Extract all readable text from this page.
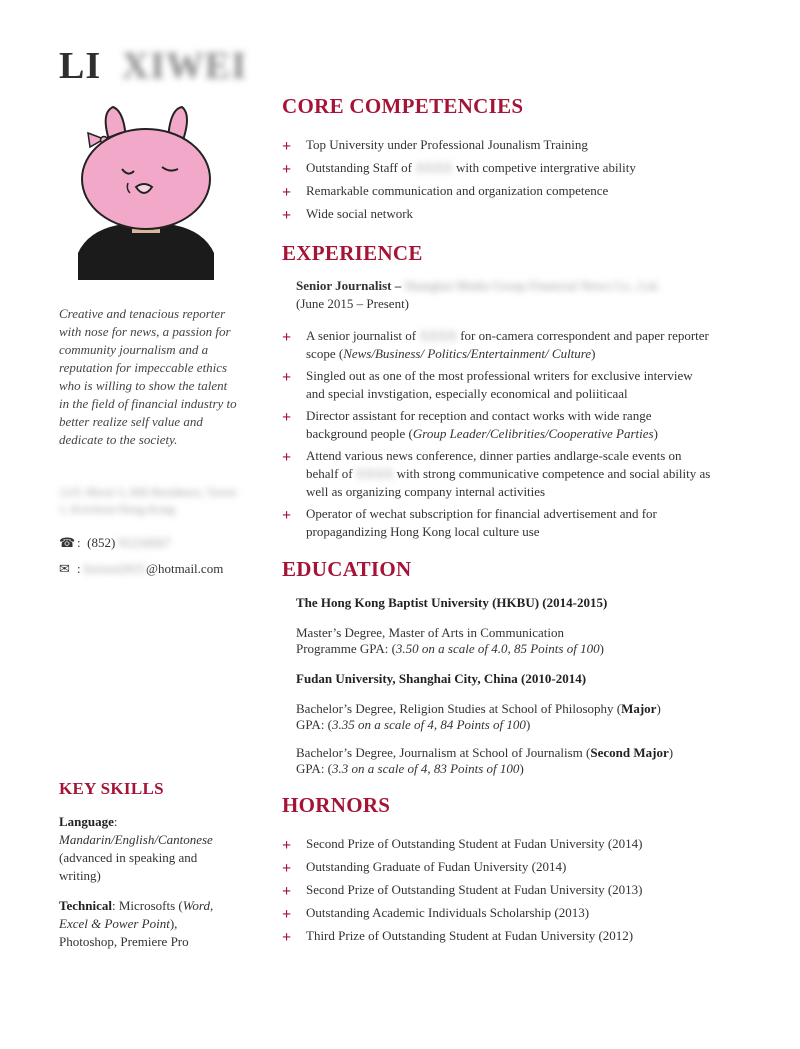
LI XIWEI
Creative and tenacious reporter with nose for news, a passion for community journalism and a reputation for impeccable ethics who is willing to show the talent in the field of financial industry to better realize self value and dedicate to the society.
12/F, Block 5, Hill Residence, Tower 1, Kowloon Hong Kong
☎ :  (852) 91234567
✉ : lixiwei2015@hotmail.com
KEY SKILLS
Language:
Mandarin/English/Cantonese
(advanced in speaking and writing)
Technical: Microsofts (Word, Excel & Power Point), Photoshop, Premiere Pro
CORE COMPETENCIES
+ Top University under Professional Jounalism Training
+ Outstanding Staff of XXXX with competive intergrative ability
+ Remarkable communication and organization competence
+ Wide social network
EXPERIENCE
Senior Journalist – Shanghai Media Group Financial News Co., Ltd.
(June 2015 – Present)
+ A senior journalist of XXXX for on-camera correspondent and paper reporter scope (News/Business/ Politics/Entertainment/ Culture)
+ Singled out as one of the most professional writers for exclusive interview and special invstigation, especially economical and poliiticaal
+ Director assistant for reception and contact works with wide range background people (Group Leader/Celibrities/Cooperative Parties)
+ Attend various news conference, dinner parties andlarge-scale events on behalf of XXXX with strong communicative competence and social ability as well as organizing company internal activities
+ Operator of wechat subscription for financial advertisement and for propagandizing Hong Kong local culture use
EDUCATION
The Hong Kong Baptist University (HKBU) (2014-2015)
Master’s Degree, Master of Arts in Communication
Programme GPA: (3.50 on a scale of 4.0, 85 Points of 100)
Fudan University, Shanghai City, China (2010-2014)
Bachelor’s Degree, Religion Studies at School of Philosophy (Major)
GPA: (3.35 on a scale of 4, 84 Points of 100)
Bachelor’s Degree, Journalism at School of Journalism (Second Major)
GPA: (3.3 on a scale of 4, 83 Points of 100)
HORNORS
+ Second Prize of Outstanding Student at Fudan University (2014)
+ Outstanding Graduate of Fudan University (2014)
+ Second Prize of Outstanding Student at Fudan University (2013)
+ Outstanding Academic Individuals Scholarship (2013)
+ Third Prize of Outstanding Student at Fudan University (2012)
